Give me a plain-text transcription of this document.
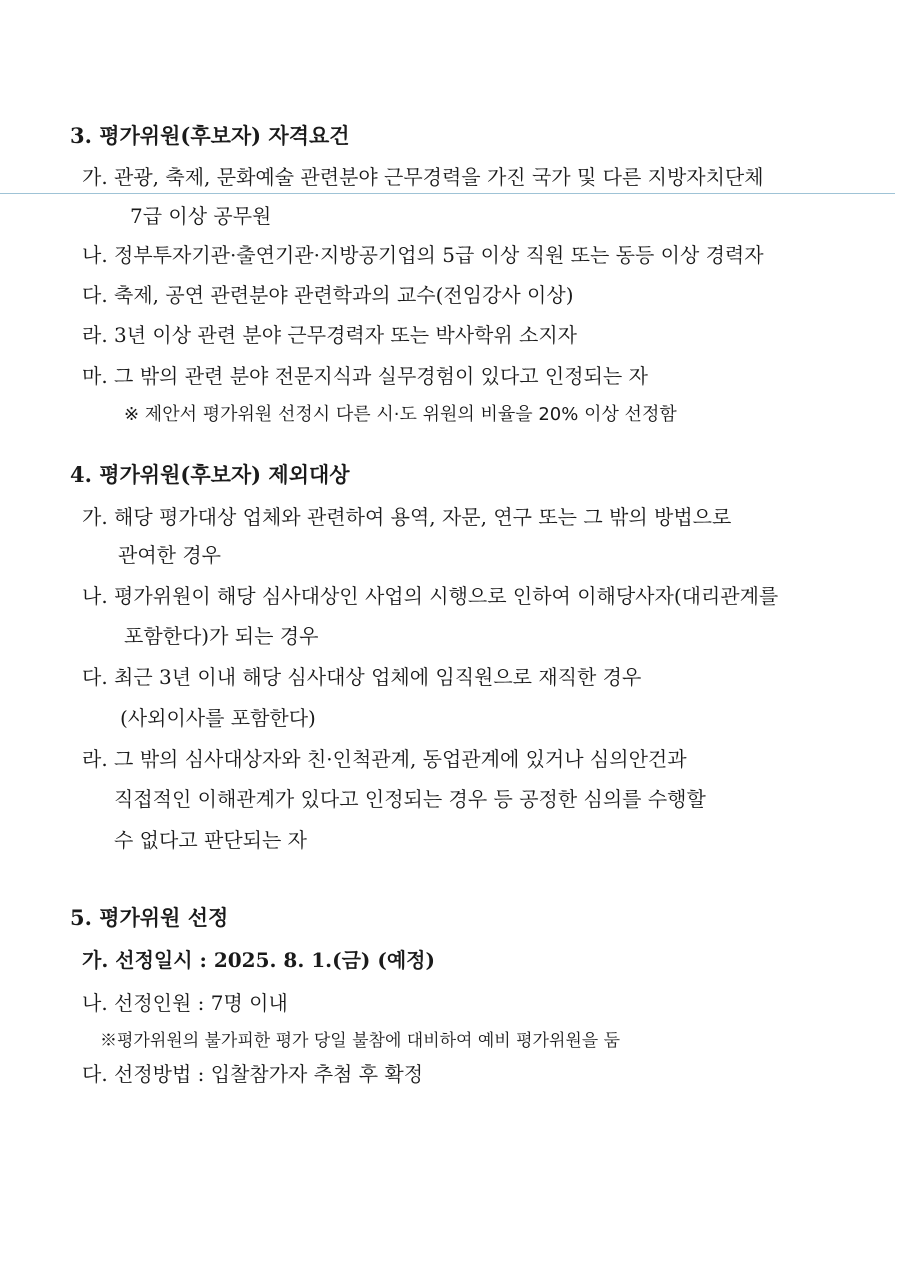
3. 평가위원(후보자) 자격요건
가. 관광, 축제, 문화예술 관련분야 근무경력을 가진 국가 및 다른 지방자치단체
7급 이상 공무원
나. 정부투자기관·출연기관·지방공기업의 5급 이상 직원 또는 동등 이상 경력자
다. 축제, 공연 관련분야 관련학과의 교수(전임강사 이상)
라. 3년 이상 관련 분야 근무경력자 또는 박사학위 소지자
마. 그 밖의 관련 분야 전문지식과 실무경험이 있다고 인정되는 자
※ 제안서 평가위원 선정시 다른 시·도 위원의 비율을 20% 이상 선정함
4. 평가위원(후보자) 제외대상
가. 해당 평가대상 업체와 관련하여 용역, 자문, 연구 또는 그 밖의 방법으로
관여한 경우
나. 평가위원이 해당 심사대상인 사업의 시행으로 인하여 이해당사자(대리관계를
포함한다)가 되는 경우
다. 최근 3년 이내 해당 심사대상 업체에 임직원으로 재직한 경우
(사외이사를 포함한다)
라. 그 밖의 심사대상자와 친·인척관계, 동업관계에 있거나 심의안건과
직접적인 이해관계가 있다고 인정되는 경우 등 공정한 심의를 수행할
수 없다고 판단되는 자
5. 평가위원 선정
가. 선정일시 : 2025. 8. 1.(금) (예정)
나. 선정인원 : 7명 이내
※평가위원의 불가피한 평가 당일 불참에 대비하여 예비 평가위원을 둠
다. 선정방법 : 입찰참가자 추첨 후 확정
